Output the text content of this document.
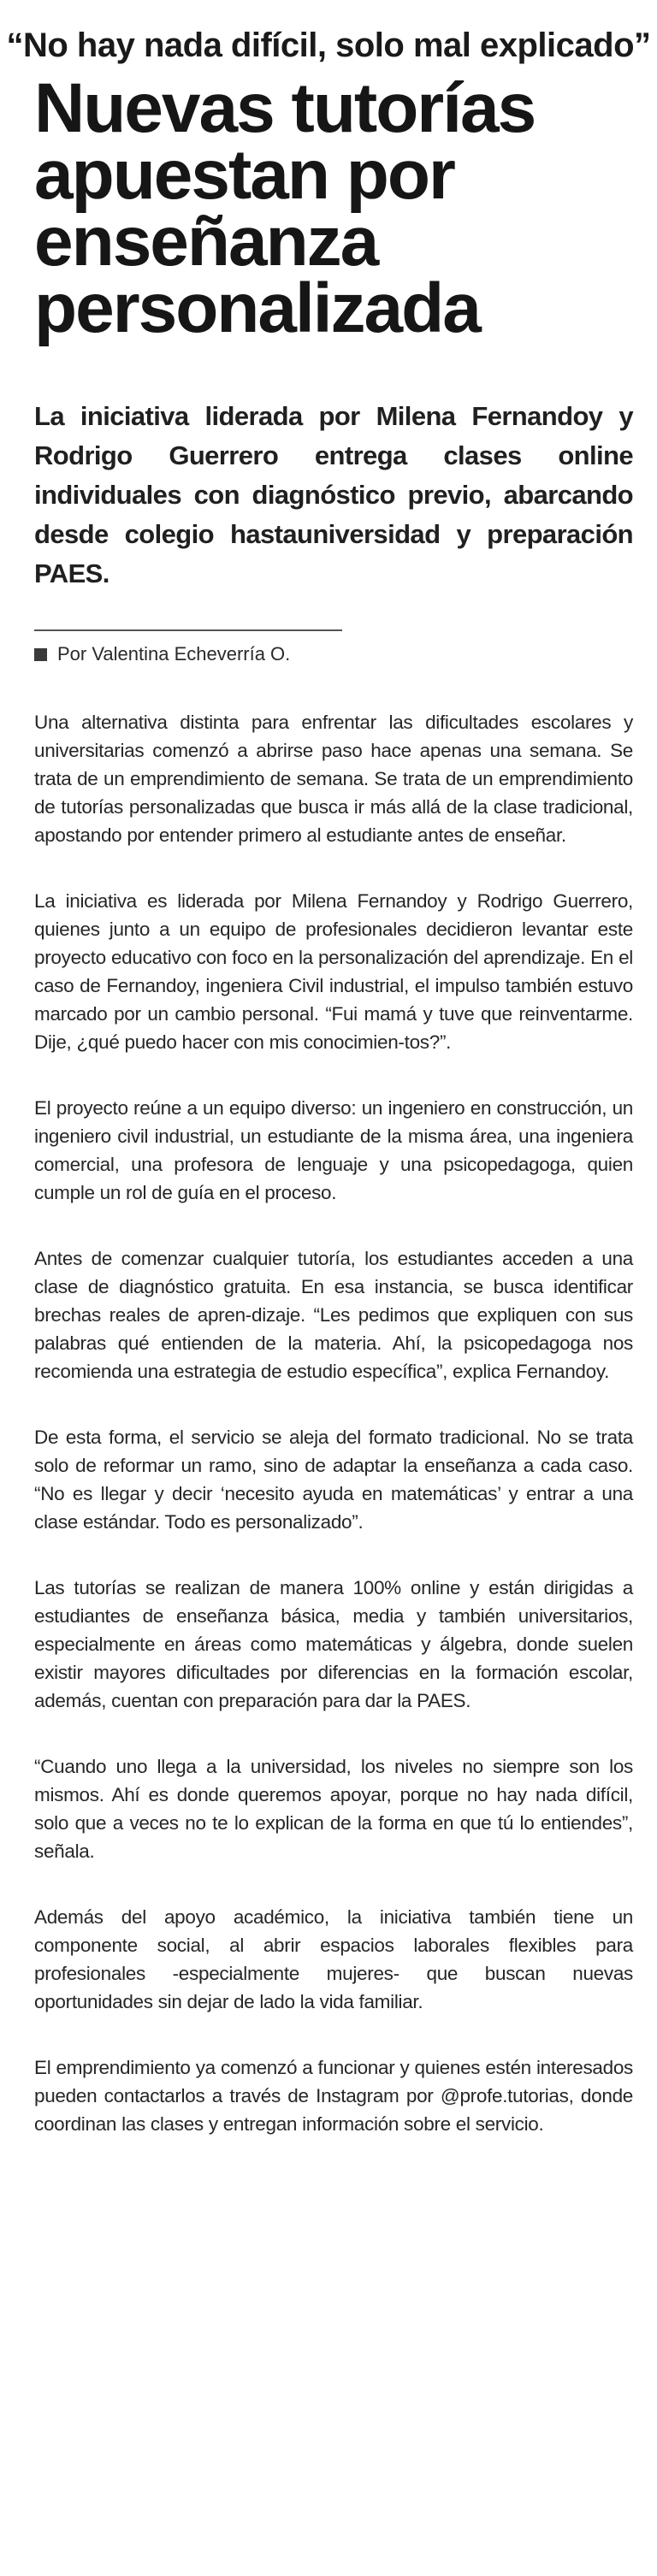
“No hay nada difícil, solo mal explicado”
Nuevas tutorías
apuestan por
enseñanza
personalizada

La iniciativa liderada por Milena Fernandoy y Rodrigo Guerrero entrega clases online individuales con diagnóstico previo, abarcando desde colegio hastauniversidad y preparación PAES.

Por Valentina Echeverría O.

Una alternativa distinta para enfrentar las dificultades escolares y universitarias comenzó a abrirse paso hace apenas una semana. Se trata de un emprendimiento de semana. Se trata de un emprendimiento de tutorías personalizadas que busca ir más allá de la clase tradicional, apostando por entender primero al estudiante antes de enseñar.

La iniciativa es liderada por Milena Fernandoy y Rodrigo Guerrero, quienes junto a un equipo de profesionales decidieron levantar este proyecto educativo con foco en la personalización del aprendizaje. En el caso de Fernandoy, ingeniera Civil industrial, el impulso también estuvo marcado por un cambio personal. “Fui mamá y tuve que reinventarme. Dije, ¿qué puedo hacer con mis conocimien-tos?”.

El proyecto reúne a un equipo diverso: un ingeniero en construcción, un ingeniero civil industrial, un estudiante de la misma área, una ingeniera comercial, una profesora de lenguaje y una psicopedagoga, quien cumple un rol de guía en el proceso.

Antes de comenzar cualquier tutoría, los estudiantes acceden a una clase de diagnóstico gratuita. En esa instancia, se busca identificar brechas reales de apren-dizaje. “Les pedimos que expliquen con sus palabras qué entienden de la materia. Ahí, la psicopedagoga nos recomienda una estrategia de estudio específica”, explica Fernandoy.

De esta forma, el servicio se aleja del formato tradicional. No se trata solo de reformar un ramo, sino de adaptar la enseñanza a cada caso. “No es llegar y decir ‘necesito ayuda en matemáticas’ y entrar a una clase estándar. Todo es personalizado”.

Las tutorías se realizan de manera 100% online y están dirigidas a estudiantes de enseñanza básica, media y también universitarios, especialmente en áreas como matemáticas y álgebra, donde suelen existir mayores dificultades por diferencias en la formación escolar, además, cuentan con preparación para dar la PAES.

“Cuando uno llega a la universidad, los niveles no siempre son los mismos. Ahí es donde queremos apoyar, porque no hay nada difícil, solo que a veces no te lo explican de la forma en que tú lo entiendes”, señala.

Además del apoyo académico, la iniciativa también tiene un componente social, al abrir espacios laborales flexibles para profesionales -especialmente mujeres- que buscan nuevas oportunidades sin dejar de lado la vida familiar.

El emprendimiento ya comenzó a funcionar y quienes estén interesados pueden contactarlos a través de Instagram por @profe.tutorias, donde coordinan las clases y entregan información sobre el servicio.
